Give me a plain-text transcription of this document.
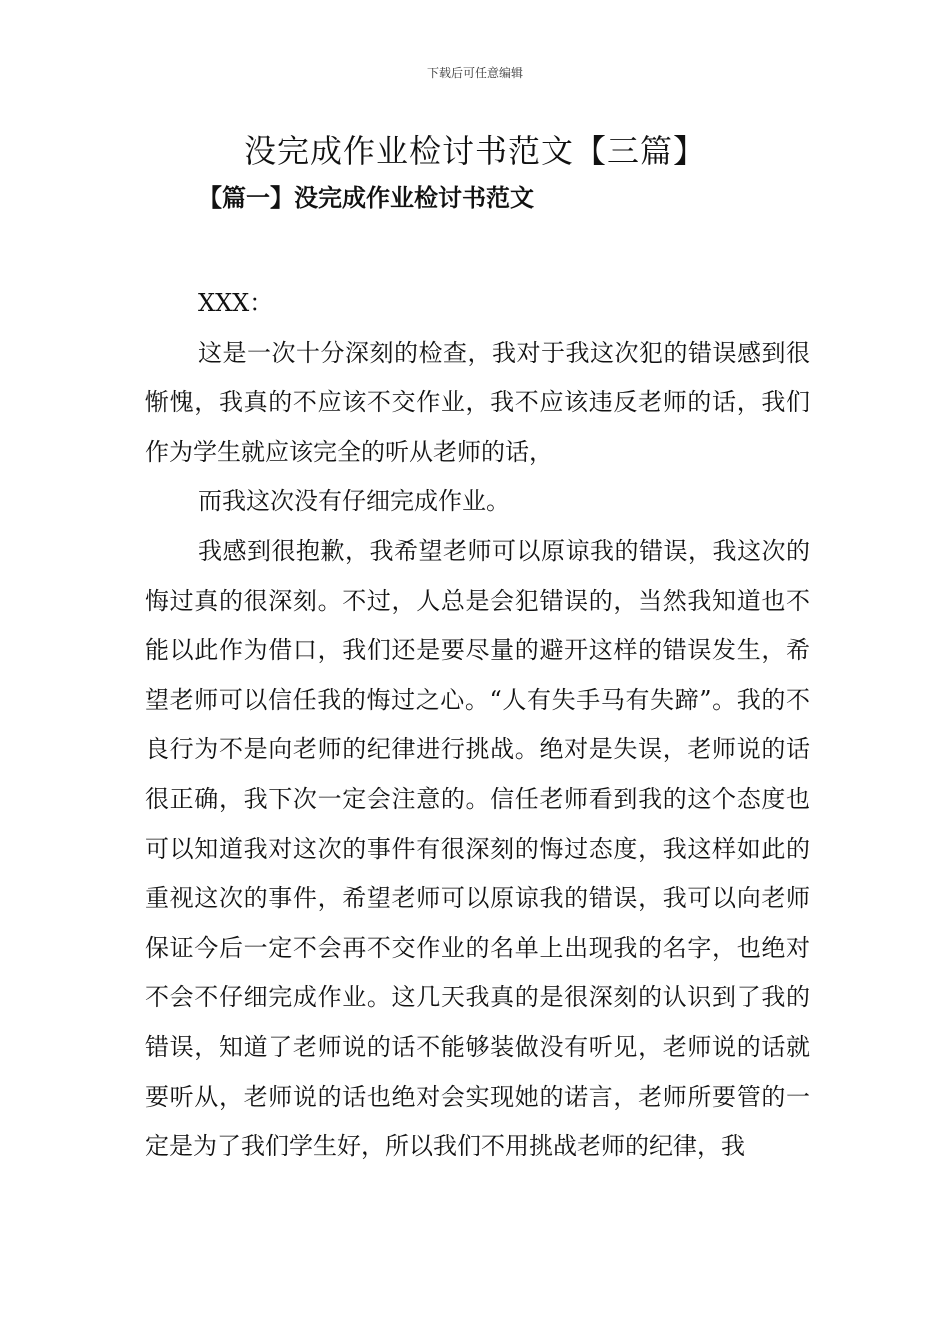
下载后可任意编辑
没完成作业检讨书范文【三篇】
【篇一】没完成作业检讨书范文

XXX：

这是一次十分深刻的检查，我对于我这次犯的错误感到很惭愧，我真的不应该不交作业，我不应该违反老师的话，我们作为学生就应该完全的听从老师的话，

而我这次没有仔细完成作业。

我感到很抱歉，我希望老师可以原谅我的错误，我这次的悔过真的很深刻。不过，人总是会犯错误的，当然我知道也不能以此作为借口，我们还是要尽量的避开这样的错误发生，希望老师可以信任我的悔过之心。“人有失手马有失蹄”。我的不良行为不是向老师的纪律进行挑战。绝对是失误，老师说的话很正确，我下次一定会注意的。信任老师看到我的这个态度也可以知道我对这次的事件有很深刻的悔过态度，我这样如此的重视这次的事件，希望老师可以原谅我的错误，我可以向老师保证今后一定不会再不交作业的名单上出现我的名字，也绝对不会不仔细完成作业。这几天我真的是很深刻的认识到了我的错误，知道了老师说的话不能够装做没有听见，老师说的话就要听从，老师说的话也绝对会实现她的诺言，老师所要管的一定是为了我们学生好，所以我们不用挑战老师的纪律，我
